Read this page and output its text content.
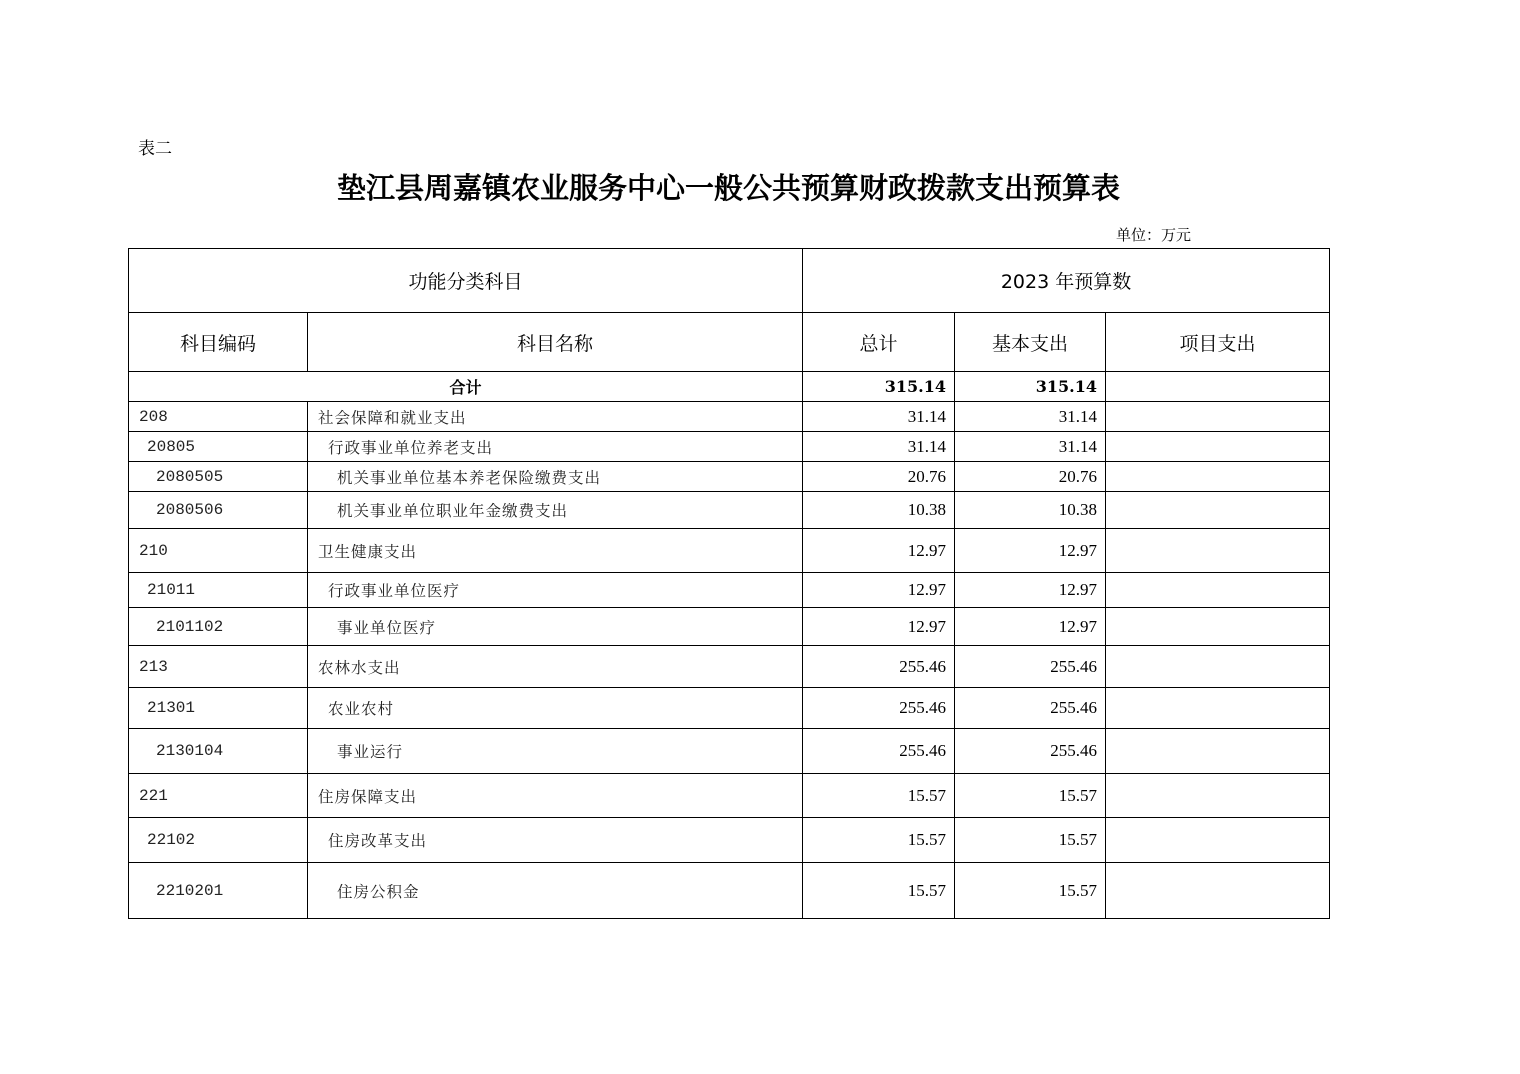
表二
垫江县周嘉镇农业服务中心一般公共预算财政拨款支出预算表
单位：万元
功能分类科目		2023 年预算数		
科目编码	科目名称	总计	基本支出	项目支出
合计		315.14	315.14	
208	社会保障和就业支出	31.14	31.14	
20805	行政事业单位养老支出	31.14	31.14	
2080505	机关事业单位基本养老保险缴费支出	20.76	20.76	
2080506	机关事业单位职业年金缴费支出	10.38	10.38	
210	卫生健康支出	12.97	12.97	
21011	行政事业单位医疗	12.97	12.97	
2101102	事业单位医疗	12.97	12.97	
213	农林水支出	255.46	255.46	
21301	农业农村	255.46	255.46	
2130104	事业运行	255.46	255.46	
221	住房保障支出	15.57	15.57	
22102	住房改革支出	15.57	15.57	
2210201	住房公积金	15.57	15.57	
